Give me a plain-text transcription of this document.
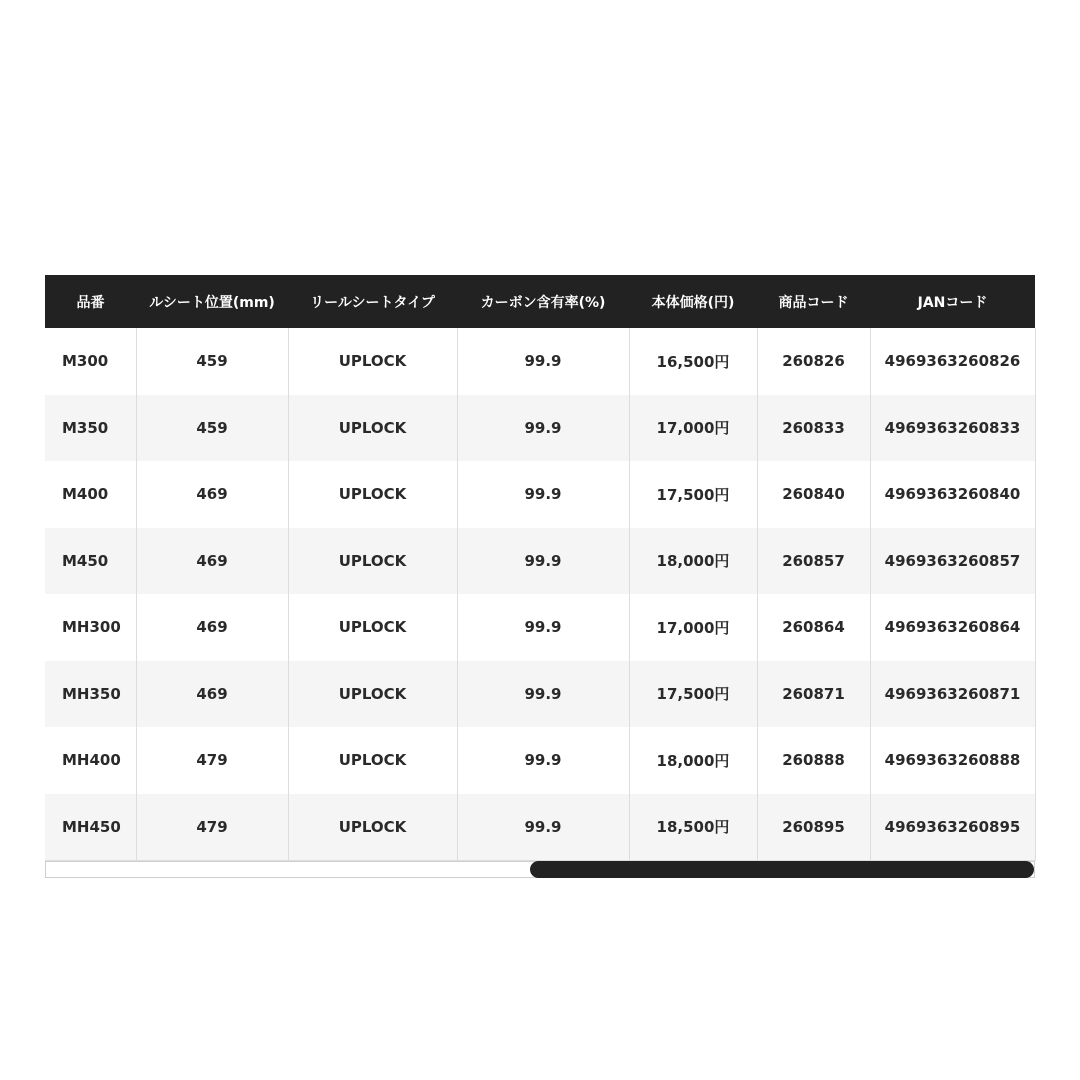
品番	ルシート位置(mm)	リールシートタイプ	カーボン含有率(%)	本体価格(円)	商品コード	JANコード
M300	459	UPLOCK	99.9	16,500円	260826	4969363260826
M350	459	UPLOCK	99.9	17,000円	260833	4969363260833
M400	469	UPLOCK	99.9	17,500円	260840	4969363260840
M450	469	UPLOCK	99.9	18,000円	260857	4969363260857
MH300	469	UPLOCK	99.9	17,000円	260864	4969363260864
MH350	469	UPLOCK	99.9	17,500円	260871	4969363260871
MH400	479	UPLOCK	99.9	18,000円	260888	4969363260888
MH450	479	UPLOCK	99.9	18,500円	260895	4969363260895
